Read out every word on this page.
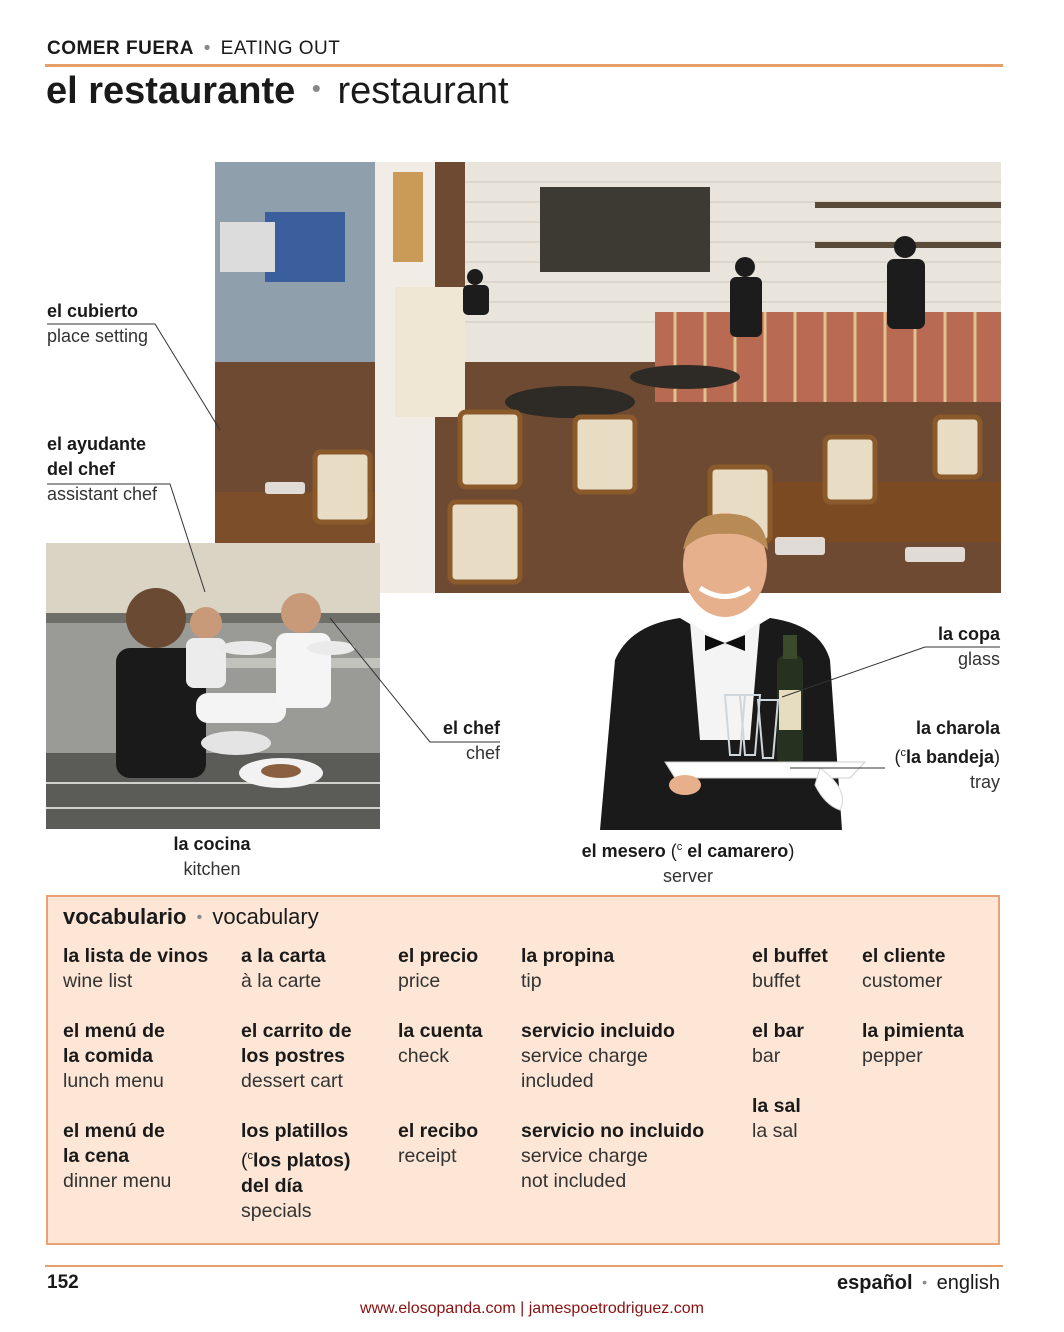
COMER FUERA • EATING OUT
el restaurante • restaurant
el cubierto
place setting
el ayudante
del chef
assistant chef
el chef
chef
la cocina
kitchen
la copa
glass
la charola
($^c$la bandeja)
tray
el mesero ($^c$ el camarero)
server
vocabulario • vocabulary
la lista de vinos
wine list
a la carta
à la carte
el precio
price
la propina
tip
el buffet
buffet
el cliente
customer
el menú de
la comida
lunch menu
el carrito de
los postres
dessert cart
la cuenta
check
servicio incluido
service charge
included
el bar
bar
la pimienta
pepper
la sal
la sal
el menú de
la cena
dinner menu
los platillos
($^c$los platos)
del día
specials
el recibo
receipt
servicio no incluido
service charge
not included
152	español • english
www.elosopanda.com | jamespoetrodriguez.com
